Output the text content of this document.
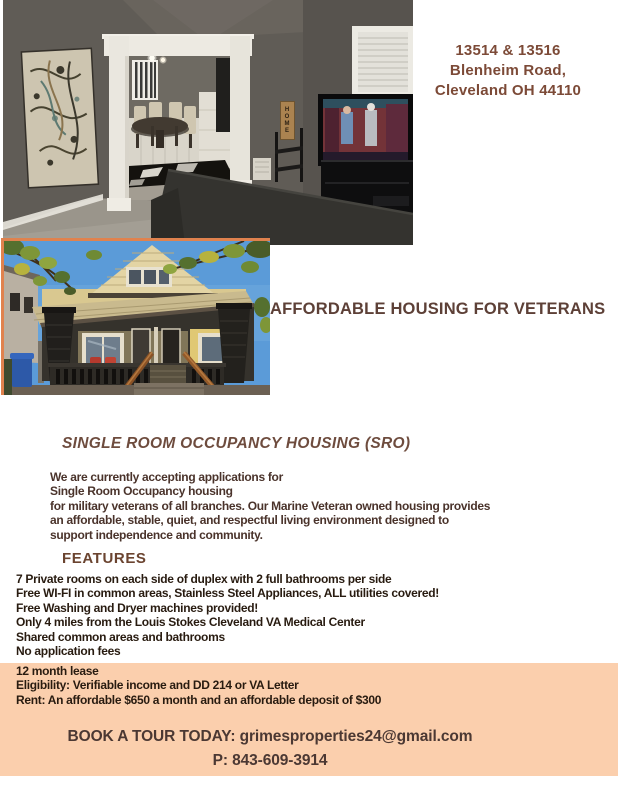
HOME
13514 & 13516
Blenheim Road,
Cleveland OH 44110
AFFORDABLE HOUSING FOR VETERANS
SINGLE ROOM OCCUPANCY HOUSING (SRO)
We are currently accepting applications for
Single Room Occupancy housing
for military veterans of all branches. Our Marine Veteran owned housing provides
an affordable, stable, quiet, and respectful living environment designed to
support independence and community.
FEATURES
7 Private rooms on each side of duplex with 2 full bathrooms per side
Free WI-FI in common areas, Stainless Steel Appliances, ALL utilities covered!
Free Washing and Dryer machines provided!
Only 4 miles from the Louis Stokes Cleveland VA Medical Center
Shared common areas and bathrooms
No application fees
12 month lease
Eligibility: Verifiable income and DD 214 or VA Letter
Rent: An affordable $650 a month and an affordable deposit of $300
BOOK A TOUR TODAY: grimesproperties24@gmail.com
P: 843-609-3914
